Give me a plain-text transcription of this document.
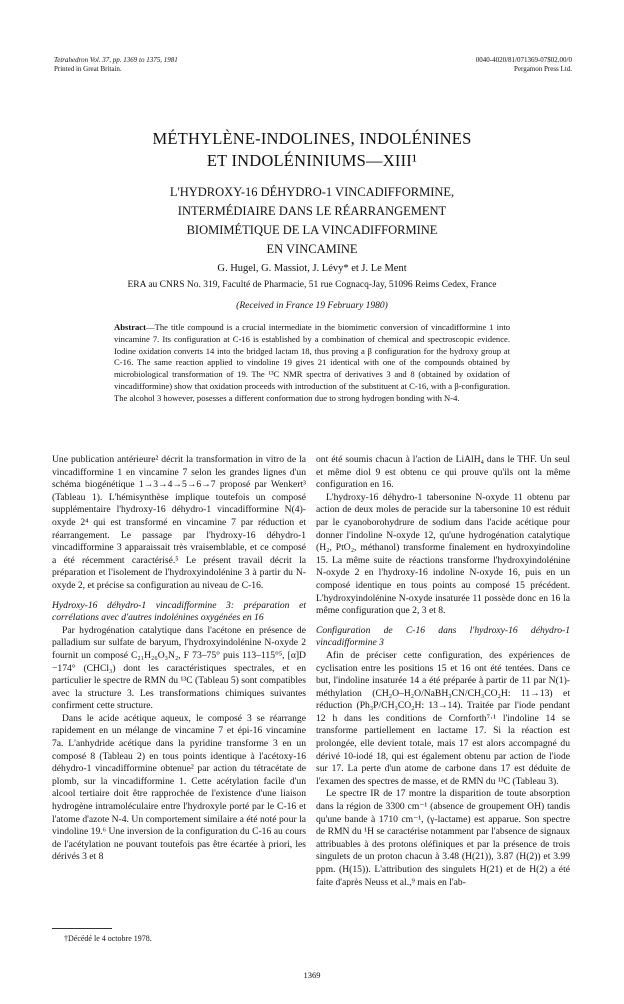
Tetrahedron Vol. 37, pp. 1369 to 1375, 1981
Printed in Great Britain.
0040-4020/81/071369-07$02.00/0
Pergamon Press Ltd.
MÉTHYLÈNE-INDOLINES, INDOLÉNINES
ET INDOLÉNINIUMS—XIII¹
L'HYDROXY-16 DÉHYDRO-1 VINCADIFFORMINE,
INTERMÉDIAIRE DANS LE RÉARRANGEMENT
BIOMIMÉTIQUE DE LA VINCADIFFORMINE
EN VINCAMINE
G. Hugel, G. Massiot, J. Lévy* et J. Le Ment
ERA au CNRS No. 319, Faculté de Pharmacie, 51 rue Cognacq-Jay, 51096 Reims Cedex, France
(Received in France 19 February 1980)
Abstract—The title compound is a crucial intermediate in the biomimetic conversion of vincadifformine 1 into vincamine 7. Its configuration at C-16 is established by a combination of chemical and spectroscopic evidence. Iodine oxidation converts 14 into the bridged lactam 18, thus proving a β configuration for the hydroxy group at C-16. The same reaction applied to vindoline 19 gives 21 identical with one of the compounds obtained by microbiological transformation of 19. The ¹³C NMR spectra of derivatives 3 and 8 (obtained by oxidation of vincadifformine) show that oxidation proceeds with introduction of the substituent at C-16, with a β-configuration. The alcohol 3 however, posesses a different conformation due to strong hydrogen bonding with N-4.

Une publication antérieure² décrit la transformation in vitro de la vincadifformine 1 en vincamine 7 selon les grandes lignes d'un schéma biogénétique 1→3→4→5→6→7 proposé par Wenkert³ (Tableau 1). L'hémisynthèse implique toutefois un composé supplémentaire l'hydroxy-16 déhydro-1 vincadifformine N(4)-oxyde 2⁴ qui est transformé en vincamine 7 par réduction et réarrangement. Le passage par l'hydroxy-16 déhydro-1 vincadifformine 3 apparaissait très vraisemblable, et ce composé a été récemment caractérisé.⁵ Le présent travail décrit la préparation et l'isolement de l'hydroxyindolénine 3 à partir du N-oxyde 2, et précise sa configuration au niveau de C-16.

Hydroxy-16 déhydro-1 vincadifformine 3: préparation et corrélations avec d'autres indolénines oxygénées en 16

Par hydrogénation catalytique dans l'acétone en présence de palladium sur sulfate de baryum, l'hydroxyindolénine N-oxyde 2 fournit un composé C₂₁H₂₆O₃N₂, F 73–75° puis 113–115°⁵, [α]D −174° (CHCl₃) dont les caractéristiques spectrales, et en particulier le spectre de RMN du ¹³C (Tableau 5) sont compatibles avec la structure 3. Les transformations chimiques suivantes confirment cette structure.

Dans le acide acétique aqueux, le composé 3 se réarrange rapidement en un mélange de vincamine 7 et épi-16 vincamine 7a. L'anhydride acétique dans la pyridine transforme 3 en un composé 8 (Tableau 2) en tous points identique à l'acétoxy-16 déhydro-1 vincadifformine obtenue² par action du tétracétate de plomb, sur la vincadifformine 1. Cette acétylation facile d'un alcool tertiaire doit être rapprochée de l'existence d'une liaison hydrogène intramoléculaire entre l'hydroxyle porté par le C-16 et l'atome d'azote N-4. Un comportement similaire a été noté pour la vindoline 19.⁶ Une inversion de la configuration du C-16 au cours de l'acétylation ne pouvant toutefois pas être écartée à priori, les dérivés 3 et 8

ont été soumis chacun à l'action de LiAlH₄ dans le THF. Un seul et même diol 9 est obtenu ce qui prouve qu'ils ont la même configuration en 16.

L'hydroxy-16 déhydro-1 tabersonine N-oxyde 11 obtenu par action de deux moles de peracide sur la tabersonine 10 est réduit par le cyanoborohydrure de sodium dans l'acide acétique pour donner l'indoline N-oxyde 12, qu'une hydrogénation catalytique (H₂, PtO₂, méthanol) transforme finalement en hydroxyindoline 15. La même suite de réactions transforme l'hydroxyindolénine N-oxyde 2 en l'hydroxy-16 indoline N-oxyde 16, puis en un composé identique en tous points au composé 15 précédent. L'hydroxyindolénine N-oxyde insaturée 11 possède donc en 16 la même configuration que 2, 3 et 8.

Configuration de C-16 dans l'hydroxy-16 déhydro-1 vincadifformine 3

Afin de préciser cette configuration, des expériences de cyclisation entre les positions 15 et 16 ont été tentées. Dans ce but, l'indoline insaturée 14 a été préparée à partir de 11 par N(1)-méthylation (CH₂O–H₂O/NaBH₃CN/CH₃CO₂H: 11→13) et réduction (Ph₃P/CH₃CO₂H: 13→14). Traitée par l'iode pendant 12 h dans les conditions de Cornforth⁷·¹ l'indoline 14 se transforme partiellement en lactame 17. Si la réaction est prolongée, elle devient totale, mais 17 est alors accompagné du dérivé 10-iodé 18, qui est également obtenu par action de l'iode sur 17. La perte d'un atome de carbone dans 17 est déduite de l'examen des spectres de masse, et de RMN du ¹³C (Tableau 3).

Le spectre IR de 17 montre la disparition de toute absorption dans la région de 3300 cm⁻¹ (absence de groupement OH) tandis qu'une bande à 1710 cm⁻¹, (γ-lactame) est apparue. Son spectre de RMN du ¹H se caractérise notamment par l'absence de signaux attribuables à des protons oléfiniques et par la présence de trois singulets de un proton chacun à 3.48 (H(21)), 3.87 (H(2)) et 3.99 ppm. (H(15)). L'attribution des singulets H(21) et de H(2) a été faite d'après Neuss et al.,⁹ mais en l'ab-

†Décédé le 4 octobre 1978.
1369
